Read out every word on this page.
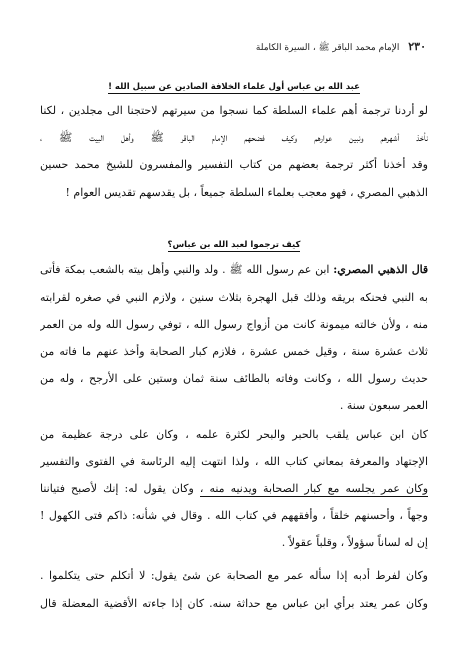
٢٣٠ الإمام محمد الباقر ﷺ ، السيرة الكاملة
عبد الله بن عباس أول علماء الخلافة الصادين عن سبيل الله !
لو أردنا ترجمة أهم علماء السلطة كما نسجوا من سيرتهم لاحتجنا الى مجلدين ، لكنا
نأخذ أشهرهم ونبين عوارهم وكيف فضحهم الإمام الباقر ﷺ وأهل البيت ﷺ ،
وقد أخذنا أكثر ترجمة بعضهم من كتاب التفسير والمفسرون للشيخ محمد حسين
الذهبي المصري ، فهو معجب بعلماء السلطة جميعاً ، بل يقدسهم تقديس العوام !
كيف ترجموا لعبد الله بن عباس؟
قال الذهبي المصري: ابن عم رسول الله ﷺ . ولد والنبي وأهل بيته بالشعب بمكة فأتى
به النبي فحنكه بريقه وذلك قبل الهجرة بثلاث سنين ، ولازم النبي في صغره لقرابته
منه ، ولأن خالته ميمونة كانت من أزواج رسول الله ، توفي رسول الله وله من العمر
ثلاث عشرة سنة ، وقيل خمس عشرة ، فلازم كبار الصحابة وأخذ عنهم ما فاته من
حديث رسول الله ، وكانت وفاته بالطائف سنة ثمان وستين على الأرجح ، وله من
العمر سبعون سنة .
كان ابن عباس يلقب بالحبر والبحر لكثرة علمه ، وكان على درجة عظيمة من
الإجتهاد والمعرفة بمعاني كتاب الله ، ولذا انتهت إليه الرئاسة في الفتوى والتفسير
وكان عمر يجلسه مع كبار الصحابة ويدنيه منه ، وكان يقول له: إنك لأصبح فتياننا
وجهاً ، وأحسنهم خلقاً ، وأفقههم في كتاب الله . وقال في شأنه: ذاكم فتى الكهول !
إن له لساناً سؤولاً ، وقلباً عقولاً .
وكان لفرط أدبه إذا سأله عمر مع الصحابة عن شئ يقول: لا أتكلم حتى يتكلموا .
وكان عمر يعتد برأي ابن عباس مع حداثة سنه. كان إذا جاءته الأقضية المعضلة قال
